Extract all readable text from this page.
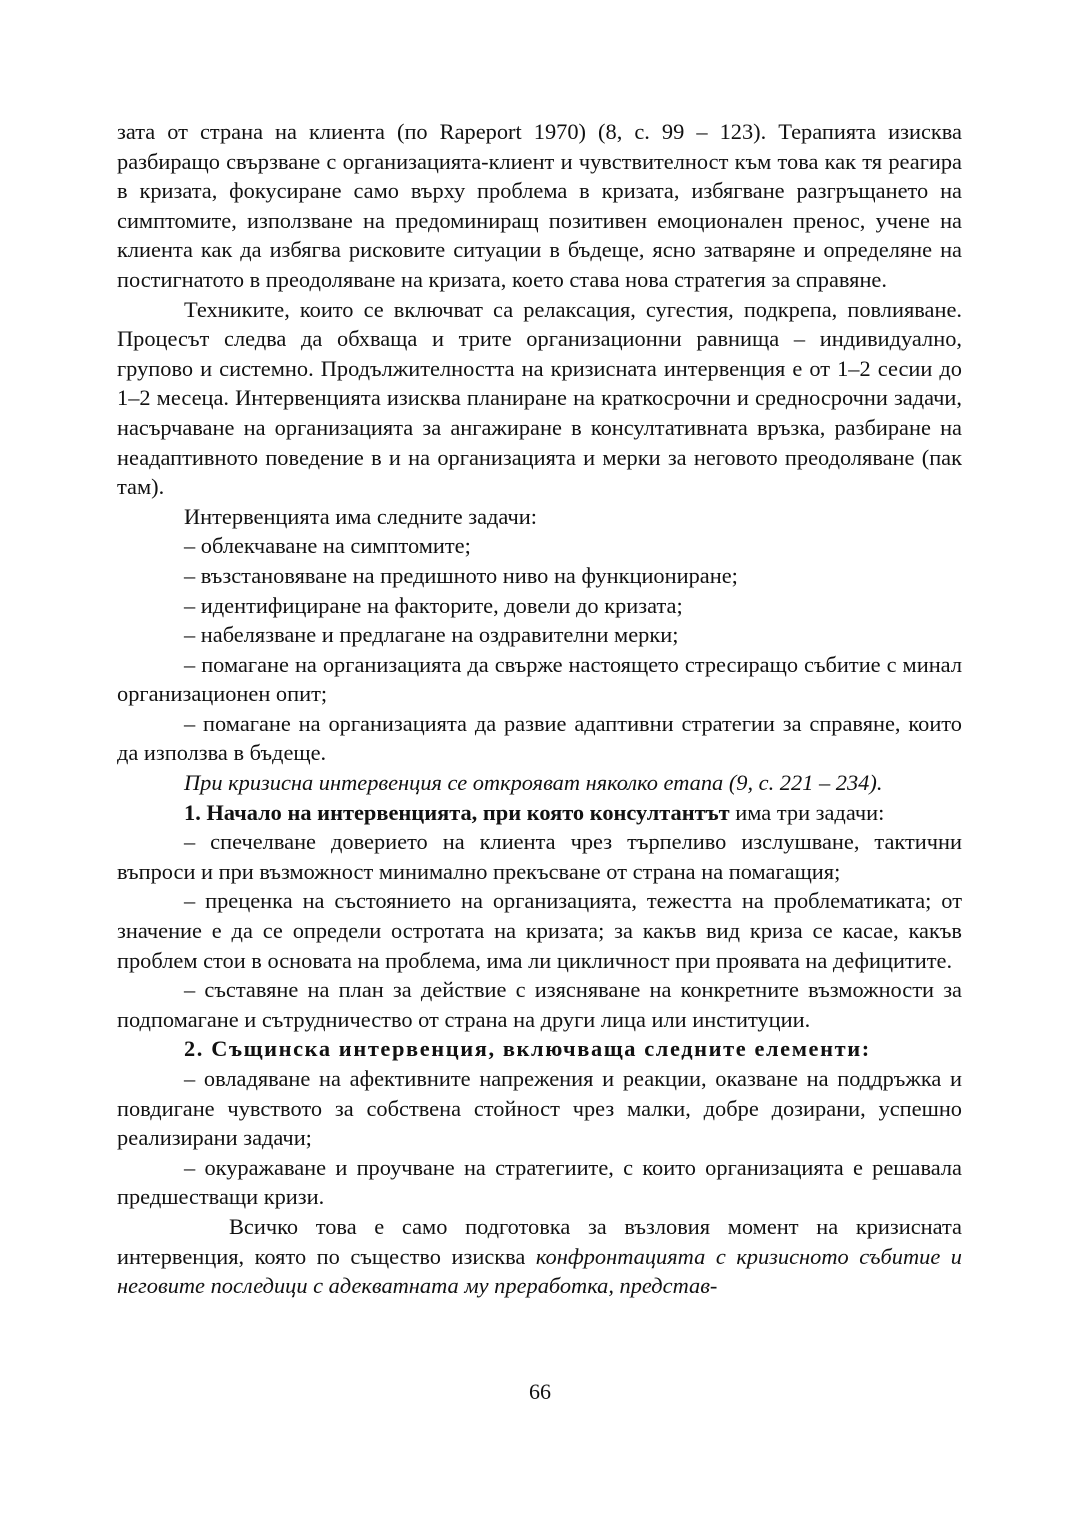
зата от страна на клиента (по Rapeport 1970) (8, с. 99 – 123). Терапията изисква разбиращо свързване с организацията-клиент и чувствителност към това как тя реагира в кризата, фокусиране само върху проблема в кризата, избягване разгръщането на симптомите, използване на предоминиращ позитивен емоционален пренос, учене на клиента как да избягва рисковите ситуации в бъдеще, ясно затваряне и определяне на постигнатото в преодоляване на кризата, което става нова стратегия за справяне.

Техниките, които се включват са релаксация, сугестия, подкрепа, повлияване. Процесът следва да обхваща и трите организационни равнища – индивидуално, групово и системно. Продължителността на кризисната интервенция е от 1–2 сесии до 1–2 месеца. Интервенцията изисква планиране на краткосрочни и средносрочни задачи, насърчаване на организацията за ангажиране в консултативната връзка, разбиране на неадаптивното поведение в и на организацията и мерки за неговото преодоляване (пак там).

Интервенцията има следните задачи:

– облекчаване на симптомите;

– възстановяване на предишното ниво на функциониране;

– идентифициране на факторите, довели до кризата;

– набелязване и предлагане на оздравителни мерки;

– помагане на организацията да свърже настоящето стресиращо събитие с минал организационен опит;

– помагане на организацията да развие адаптивни стратегии за справяне, които да използва в бъдеще.

При кризисна интервенция се открояват няколко етапа (9, с. 221 – 234).

1. Начало на интервенцията, при която консултантът има три задачи:

– спечелване доверието на клиента чрез търпеливо изслушване, тактични въпроси и при възможност минимално прекъсване от страна на помагащия;

– преценка на състоянието на организацията, тежестта на проблематиката; от значение е да се определи остротата на кризата; за какъв вид криза се касае, какъв проблем стои в основата на проблема, има ли цикличност при проявата на дефицитите.

– съставяне на план за действие с изясняване на конкретните възможности за подпомагане и сътрудничество от страна на други лица или институции.

2. Същинска интервенция, включваща следните елементи:

– овладяване на афективните напрежения и реакции, оказване на поддръжка и повдигане чувството за собствена стойност чрез малки, добре дозирани, успешно реализирани задачи;

– окуражаване и проучване на стратегиите, с които организацията е решавала предшестващи кризи.

Всичко това е само подготовка за възловия момент на кризисната интервенция, която по същество изисква конфронтацията с кризисното събитие и неговите последици с адекватната му преработка, представ-

66
